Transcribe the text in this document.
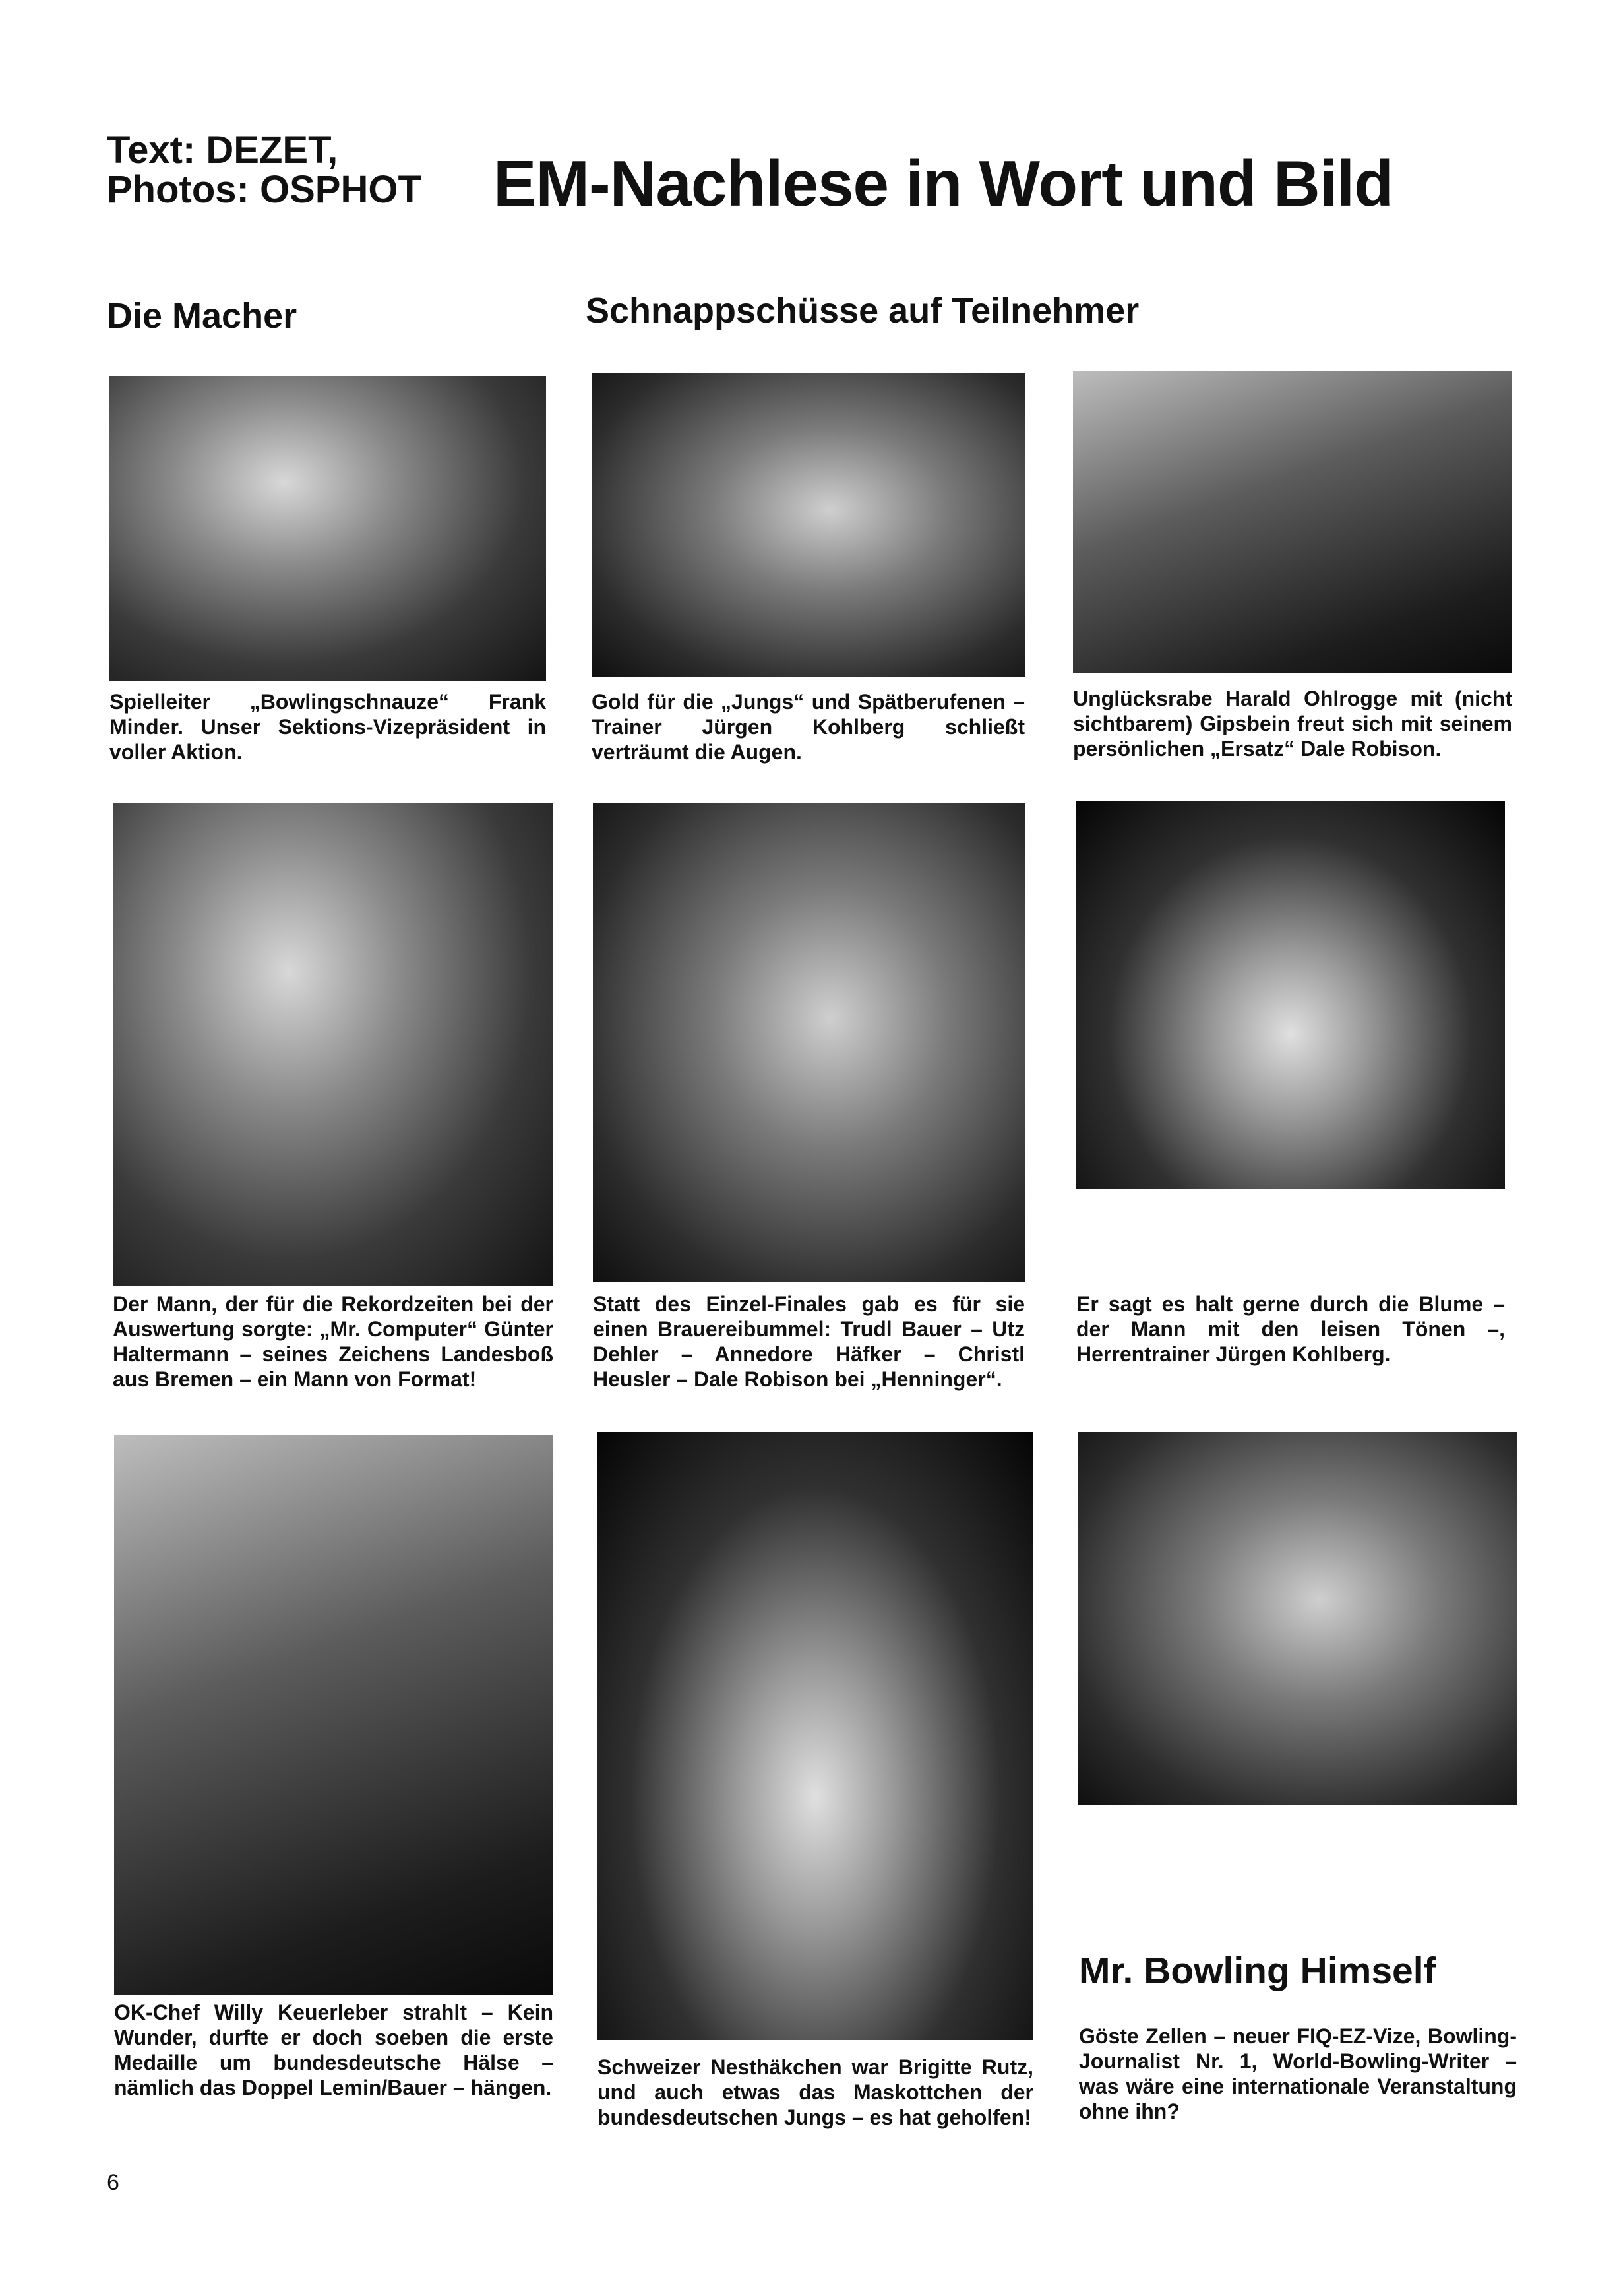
Text: DEZET,
Photos: OSPHOT EM-Nachlese in Wort und Bild
Die Macher	Schnappschüsse auf Teilnehmer
Spielleiter „Bowlingschnauze“ Frank Minder. Unser Sektions-Vizepräsident in voller Aktion.
Gold für die „Jungs“ und Spätberufenen – Trainer Jürgen Kohlberg schließt verträumt die Augen.
Unglücksrabe Harald Ohlrogge mit (nicht sichtbarem) Gipsbein freut sich mit seinem persönlichen „Ersatz“ Dale Robison.
Der Mann, der für die Rekordzeiten bei der Auswertung sorgte: „Mr. Computer“ Günter Haltermann – seines Zeichens Landesboß aus Bremen – ein Mann von Format!
Statt des Einzel-Finales gab es für sie einen Brauereibummel: Trudl Bauer – Utz Dehler – Annedore Häfker – Christl Heusler – Dale Robison bei „Henninger“.
Er sagt es halt gerne durch die Blume – der Mann mit den leisen Tönen –, Herrentrainer Jürgen Kohlberg.
Mr. Bowling Himself
OK-Chef Willy Keuerleber strahlt – Kein Wunder, durfte er doch soeben die erste Medaille um bundesdeutsche Hälse – nämlich das Doppel Lemin/Bauer – hängen.
Schweizer Nesthäkchen war Brigitte Rutz, und auch etwas das Maskottchen der bundesdeutschen Jungs – es hat geholfen!
Göste Zellen – neuer FIQ-EZ-Vize, Bowling-Journalist Nr. 1, World-Bowling-Writer – was wäre eine internationale Veranstaltung ohne ihn?
6
